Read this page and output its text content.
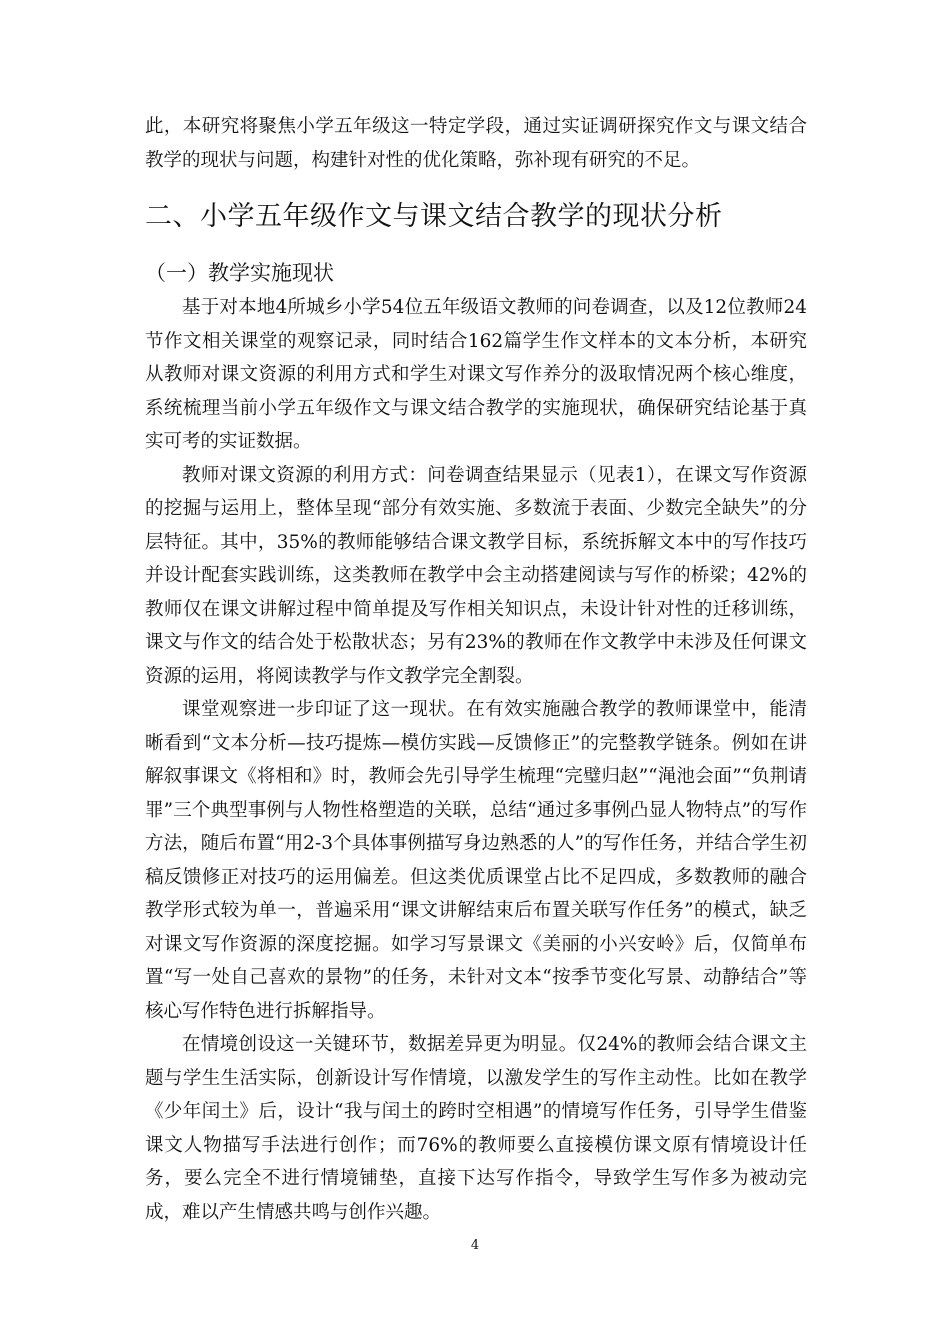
此，本研究将聚焦小学五年级这一特定学段，通过实证调研探究作文与课文结合教学的现状与问题，构建针对性的优化策略，弥补现有研究的不足。

二、小学五年级作文与课文结合教学的现状分析
（一）教学实施现状

基于对本地4所城乡小学54位五年级语文教师的问卷调查，以及12位教师24节作文相关课堂的观察记录，同时结合162篇学生作文样本的文本分析，本研究从教师对课文资源的利用方式和学生对课文写作养分的汲取情况两个核心维度，系统梳理当前小学五年级作文与课文结合教学的实施现状，确保研究结论基于真实可考的实证数据。

教师对课文资源的利用方式：问卷调查结果显示（见表1），在课文写作资源的挖掘与运用上，整体呈现“部分有效实施、多数流于表面、少数完全缺失”的分层特征。其中，35%的教师能够结合课文教学目标，系统拆解文本中的写作技巧并设计配套实践训练，这类教师在教学中会主动搭建阅读与写作的桥梁；42%的教师仅在课文讲解过程中简单提及写作相关知识点，未设计针对性的迁移训练，课文与作文的结合处于松散状态；另有23%的教师在作文教学中未涉及任何课文资源的运用，将阅读教学与作文教学完全割裂。

课堂观察进一步印证了这一现状。在有效实施融合教学的教师课堂中，能清晰看到“文本分析—技巧提炼—模仿实践—反馈修正”的完整教学链条。例如在讲解叙事课文《将相和》时，教师会先引导学生梳理“完璧归赵”“渑池会面”“负荆请罪”三个典型事例与人物性格塑造的关联，总结“通过多事例凸显人物特点”的写作方法，随后布置“用2-3个具体事例描写身边熟悉的人”的写作任务，并结合学生初稿反馈修正对技巧的运用偏差。但这类优质课堂占比不足四成，多数教师的融合教学形式较为单一，普遍采用“课文讲解结束后布置关联写作任务”的模式，缺乏对课文写作资源的深度挖掘。如学习写景课文《美丽的小兴安岭》后，仅简单布置“写一处自己喜欢的景物”的任务，未针对文本“按季节变化写景、动静结合”等核心写作特色进行拆解指导。

在情境创设这一关键环节，数据差异更为明显。仅24%的教师会结合课文主题与学生生活实际，创新设计写作情境，以激发学生的写作主动性。比如在教学《少年闰土》后，设计“我与闰土的跨时空相遇”的情境写作任务，引导学生借鉴课文人物描写手法进行创作；而76%的教师要么直接模仿课文原有情境设计任务，要么完全不进行情境铺垫，直接下达写作指令，导致学生写作多为被动完成，难以产生情感共鸣与创作兴趣。

4
